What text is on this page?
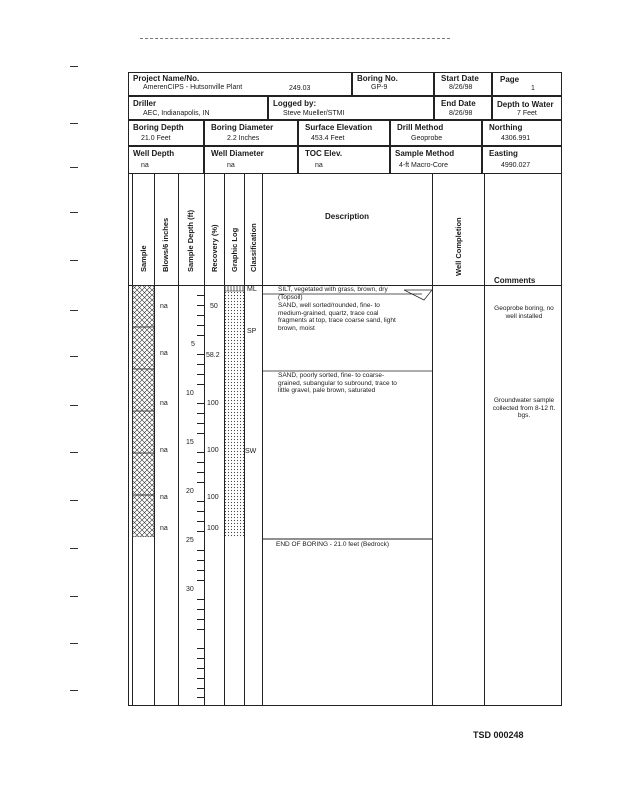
Project Name/No.
AmerenCIPS - Hutsonville Plant	249.03
Boring No.
GP-9
Start Date
8/26/98
Page
1
Driller
AEC, Indianapolis, IN
Logged by:
Steve Mueller/STMI
End Date
8/26/98
Depth to Water
7 Feet
Boring Depth
21.0 Feet
Boring Diameter
2.2 Inches
Surface Elevation
453.4 Feet
Drill Method
Geoprobe
Northing
4306.991
Well Depth
na
Well Diameter
na
TOC Elev.
na
Sample Method
4-ft Macro-Core
Easting
4990.027
Sample Blows/6 inches Sample Depth (ft) Recovery (%) Graphic Log Classification
Description
Well Completion
Comments
na
na
na
na
na
na
5
10
15
20
25
30
50
58.2
100
100
100
100
ML
SP
SW
SILT, vegetated with grass, brown, dry (Topsoil)
SAND, well sorted/rounded, fine- to medium-grained, quartz, trace coal fragments at top, trace coarse sand, light brown, moist
SAND, poorly sorted, fine- to coarse-grained, subangular to subround, trace to little gravel, pale brown, saturated
END OF BORING - 21.0 feet (Bedrock)
Geoprobe boring, no well installed
Groundwater sample collected from 8-12 ft. bgs.
TSD 000248
